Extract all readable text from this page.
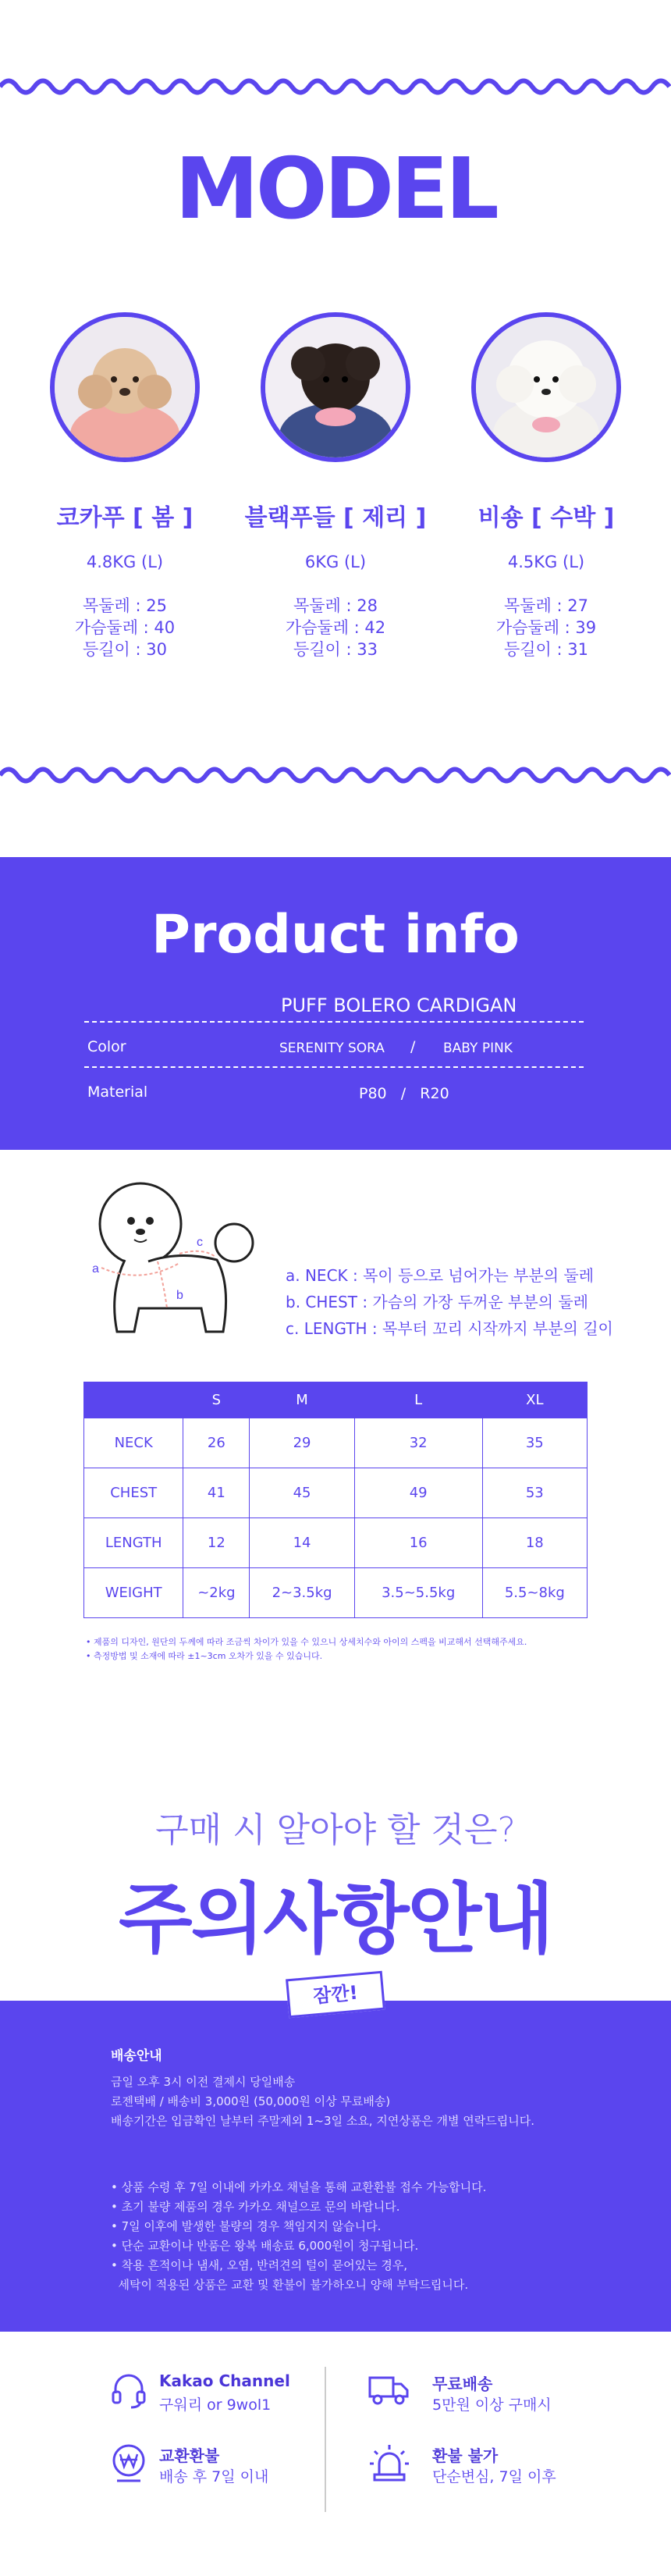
MODEL
코카푸 [ 봄 ]
4.8KG (L)
목둘레 : 25
가슴둘레 : 40
등길이 : 30
블랙푸들 [ 제리 ]
6KG (L)
목둘레 : 28
가슴둘레 : 42
등길이 : 33
비숑 [ 수박 ]
4.5KG (L)
목둘레 : 27
가슴둘레 : 39
등길이 : 31
Product info
PUFF BOLERO CARDIGAN
Color	SERENITY SORA / BABY PINK
Material	P80   /   R20
a
b
c
a. NECK : 목이 등으로 넘어가는 부분의 둘레
b. CHEST : 가슴의 가장 두꺼운 부분의 둘레
c. LENGTH : 목부터 꼬리 시작까지 부분의 길이
	S	M	L	XL
NECK	26	29	32	35
CHEST	41	45	49	53
LENGTH	12	14	16	18
WEIGHT	~2kg	2~3.5kg	3.5~5.5kg	5.5~8kg
• 제품의 디자인, 원단의 두께에 따라 조금씩 차이가 있을 수 있으니 상세치수와 아이의 스펙을 비교해서 선택해주세요.
• 측정방법 및 소재에 따라 ±1~3cm 오차가 있을 수 있습니다.
구매 시 알아야 할 것은?
주의사항안내
잠깐!
배송안내
금일 오후 3시 이전 결제시 당일배송
로젠택배 / 배송비 3,000원 (50,000원 이상 무료배송)
배송기간은 입금확인 날부터 주말제외 1~3일 소요, 지연상품은 개별 연락드립니다.
• 상품 수령 후 7일 이내에 카카오 채널을 통해 교환환불 접수 가능합니다.
• 초기 불량 제품의 경우 카카오 채널으로 문의 바랍니다.
• 7일 이후에 발생한 불량의 경우 책임지지 않습니다.
• 단순 교환이나 반품은 왕복 배송료 6,000원이 청구됩니다.
• 착용 흔적이나 냄새, 오염, 반려견의 털이 묻어있는 경우,
세탁이 적용된 상품은 교환 및 환불이 불가하오니 양해 부탁드립니다.
Kakao Channel
구워리 or 9wol1
무료배송
5만원 이상 구매시
교환환불
배송 후 7일 이내
환불 불가
단순변심, 7일 이후
